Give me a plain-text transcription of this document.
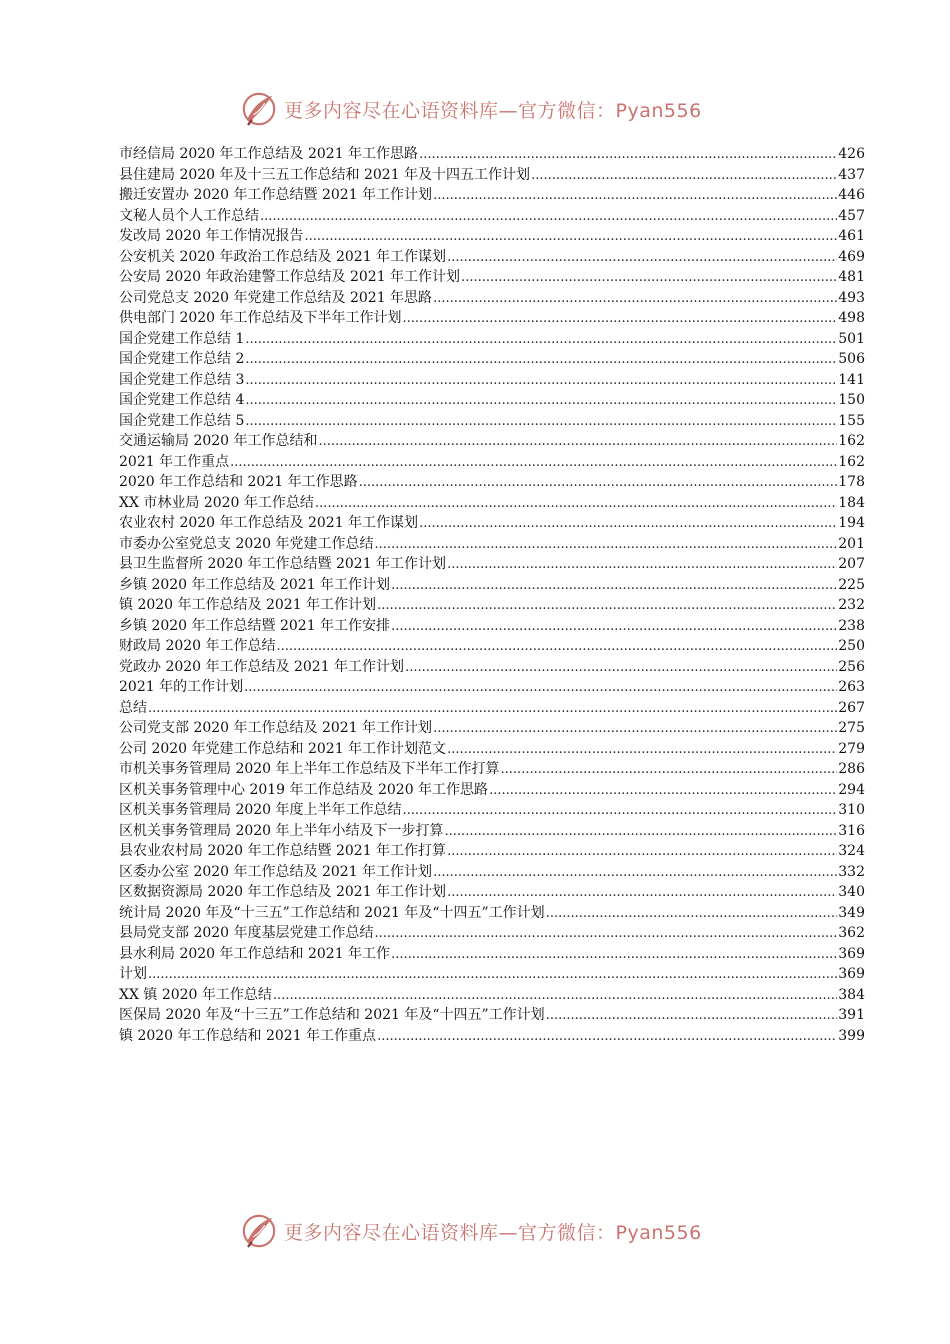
更多内容尽在心语资料库—官方微信：Pyan556
市经信局 2020 年工作总结及 2021 年工作思路 .....	426
县住建局 2020 年及十三五工作总结和 2021 年及十四五工作计划 .....	437
搬迁安置办 2020 年工作总结暨 2021 年工作计划 .....	446
文秘人员个人工作总结 .....	457
发改局 2020 年工作情况报告 .....	461
公安机关 2020 年政治工作总结及 2021 年工作谋划 .....	469
公安局 2020 年政治建警工作总结及 2021 年工作计划 .....	481
公司党总支 2020 年党建工作总结及 2021 年思路 .....	493
供电部门 2020 年工作总结及下半年工作计划 .....	498
国企党建工作总结 1 .....	501
国企党建工作总结 2 .....	506
国企党建工作总结 3 .....	141
国企党建工作总结 4 .....	150
国企党建工作总结 5 .....	155
交通运输局 2020 年工作总结和 .....	162
2021 年工作重点 .....	162
2020 年工作总结和 2021 年工作思路 .....	178
XX 市林业局 2020 年工作总结 .....	184
农业农村 2020 年工作总结及 2021 年工作谋划 .....	194
市委办公室党总支 2020 年党建工作总结 .....	201
县卫生监督所 2020 年工作总结暨 2021 年工作计划 .....	207
乡镇 2020 年工作总结及 2021 年工作计划 .....	225
镇 2020 年工作总结及 2021 年工作计划 .....	232
乡镇 2020 年工作总结暨 2021 年工作安排 .....	238
财政局 2020 年工作总结 .....	250
党政办 2020 年工作总结及 2021 年工作计划 .....	256
2021 年的工作计划 .....	263
总结 .....	267
公司党支部 2020 年工作总结及 2021 年工作计划 .....	275
公司 2020 年党建工作总结和 2021 年工作计划范文 .....	279
市机关事务管理局 2020 年上半年工作总结及下半年工作打算 .....	286
区机关事务管理中心 2019 年工作总结及 2020 年工作思路 .....	294
区机关事务管理局 2020 年度上半年工作总结 .....	310
区机关事务管理局 2020 年上半年小结及下一步打算 .....	316
县农业农村局 2020 年工作总结暨 2021 年工作打算 .....	324
区委办公室 2020 年工作总结及 2021 年工作计划 .....	332
区数据资源局 2020 年工作总结及 2021 年工作计划 .....	340
统计局 2020 年及“十三五”工作总结和 2021 年及“十四五”工作计划 .....	349
县局党支部 2020 年度基层党建工作总结 .....	362
县水利局 2020 年工作总结和 2021 年工作 .....	369
计划 .....	369
XX 镇 2020 年工作总结 .....	384
医保局 2020 年及“十三五”工作总结和 2021 年及“十四五”工作计划 .....	391
镇 2020 年工作总结和 2021 年工作重点 .....	399
更多内容尽在心语资料库—官方微信：Pyan556
